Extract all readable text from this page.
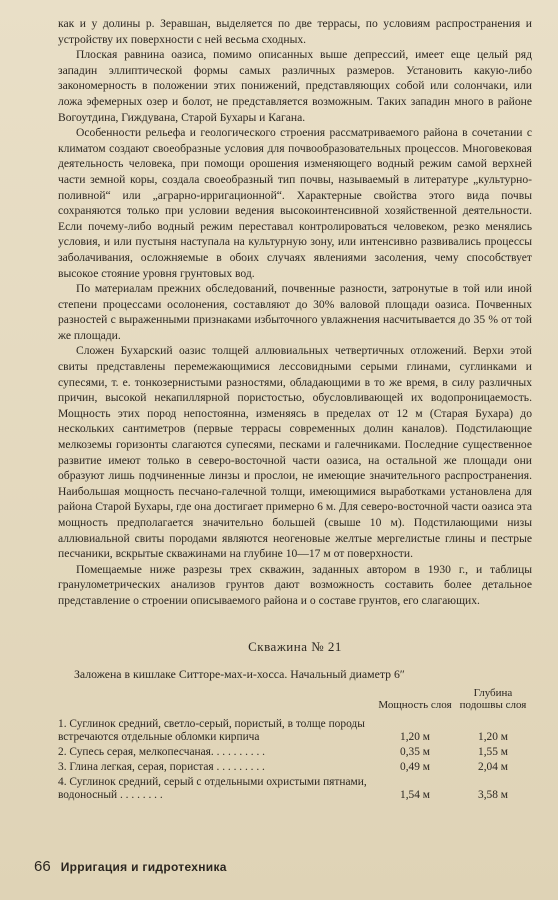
как и у долины р. Зеравшан, выделяется по две террасы, по условиям распространения и устройству их поверхности с ней весьма сходных.

Плоская равнина оазиса, помимо описанных выше депрессий, имеет еще целый ряд западин эллиптической формы самых различных размеров. Установить какую-либо закономерность в положении этих понижений, представляющих собой или солончаки, или ложа эфемерных озер и болот, не представляется возможным. Таких западин много в районе Вогоутдина, Гиждувана, Старой Бухары и Кагана.

Особенности рельефа и геологического строения рассматриваемого района в сочетании с климатом создают своеобразные условия для почвообразовательных процессов. Многовековая деятельность человека, при помощи орошения изменяющего водный режим самой верхней части земной коры, создала своеобразный тип почвы, называемый в литературе „культурно-поливной“ или „аграрно-ирригационной“. Характерные свойства этого вида почвы сохраняются только при условии ведения высокоинтенсивной хозяйственной деятельности. Если почему-либо водный режим переставал контролироваться человеком, резко менялись условия, и или пустыня наступала на культурную зону, или интенсивно развивались процессы заболачивания, осложняемые в обоих случаях явлениями засоления, чему способствует высокое стояние уровня грунтовых вод.

По материалам прежних обследований, почвенные разности, затронутые в той или иной степени процессами осолонения, составляют до 30% валовой площади оазиса. Почвенных разностей с выраженными признаками избыточного увлажнения насчитывается до 35 % от той же площади.

Сложен Бухарский оазис толщей аллювиальных четвертичных отложений. Верхи этой свиты представлены перемежающимися лессовидными серыми глинами, суглинками и супесями, т. е. тонкозернистыми разностями, обладающими в то же время, в силу различных причин, высокой некапиллярной пористостью, обусловливающей их водопроницаемость. Мощность этих пород непостоянна, изменяясь в пределах от 12 м (Старая Бухара) до нескольких сантиметров (первые террасы современных долин каналов). Подстилающие мелкоземы горизонты слагаются супесями, песками и галечниками. Последние существенное развитие имеют только в северо-восточной части оазиса, на остальной же площади они образуют лишь подчиненные линзы и прослои, не имеющие значительного распространения. Наибольшая мощность песчано-галечной толщи, имеющимися выработками установлена для района Старой Бухары, где она достигает примерно 6 м. Для северо-восточной части оазиса эта мощность предполагается значительно большей (свыше 10 м). Подстилающими низы аллювиальной свиты породами являются неогеновые желтые мергелистые глины и пестрые песчаники, вскрытые скважинами на глубине 10—17 м от поверхности.

Помещаемые ниже разрезы трех скважин, заданных автором в 1930 г., и таблицы гранулометрических анализов грунтов дают возможность составить более детальное представление о строении описываемого района и о составе грунтов, его слагающих.

Скважина № 21
Заложена в кишлаке Ситторе-мах-и-хосса. Начальный диаметр 6″
	Мощность слоя	Глубина подошвы слоя
1. Суглинок средний, светло-серый, пористый, в толще породы встречаются отдельные обломки кирпича	1,20 м	1,20 м
2. Супесь серая, мелкопесчаная. . . . . . . . . .	0,35 м	1,55 м
3. Глина легкая, серая, пористая . . . . . . . . .	0,49 м	2,04 м
4. Суглинок средний, серый с отдельными охристыми пятнами, водоносный . . . . . . . .	1,54 м	3,58 м
66 Ирригация и гидротехника
